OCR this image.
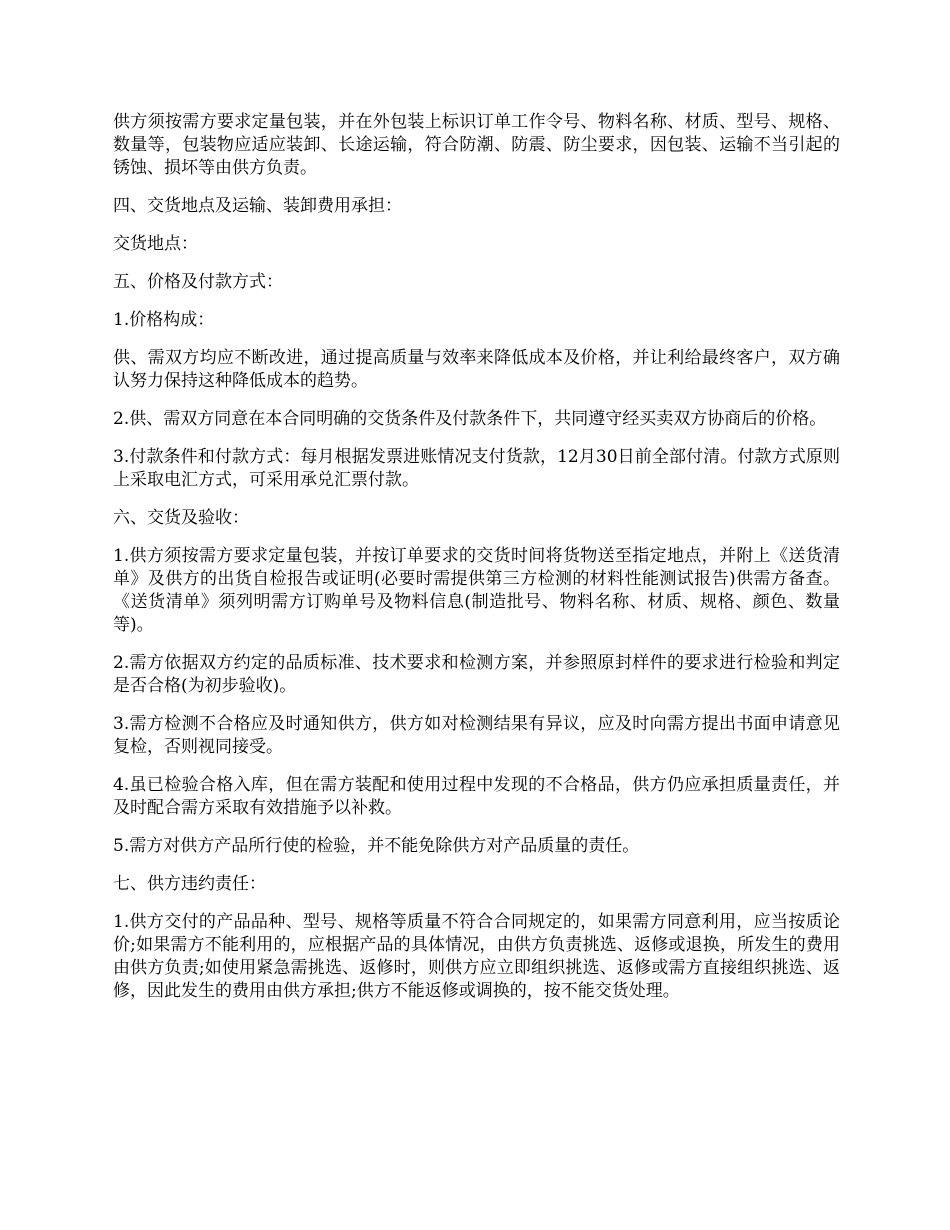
供方须按需方要求定量包装，并在外包装上标识订单工作令号、物料名称、材质、型号、规格、数量等，包装物应适应装卸、长途运输，符合防潮、防震、防尘要求，因包装、运输不当引起的锈蚀、损坏等由供方负责。

四、交货地点及运输、装卸费用承担：

交货地点：

五、价格及付款方式：

1.价格构成：

供、需双方均应不断改进，通过提高质量与效率来降低成本及价格，并让利给最终客户，双方确认努力保持这种降低成本的趋势。

2.供、需双方同意在本合同明确的交货条件及付款条件下，共同遵守经买卖双方协商后的价格。

3.付款条件和付款方式：每月根据发票进账情况支付货款，12月30日前全部付清。付款方式原则上采取电汇方式，可采用承兑汇票付款。

六、交货及验收：

1.供方须按需方要求定量包装，并按订单要求的交货时间将货物送至指定地点，并附上《送货清单》及供方的出货自检报告或证明(必要时需提供第三方检测的材料性能测试报告)供需方备查。《送货清单》须列明需方订购单号及物料信息(制造批号、物料名称、材质、规格、颜色、数量等)。

2.需方依据双方约定的品质标准、技术要求和检测方案，并参照原封样件的要求进行检验和判定是否合格(为初步验收)。

3.需方检测不合格应及时通知供方，供方如对检测结果有异议，应及时向需方提出书面申请意见复检，否则视同接受。

4.虽已检验合格入库，但在需方装配和使用过程中发现的不合格品，供方仍应承担质量责任，并及时配合需方采取有效措施予以补救。

5.需方对供方产品所行使的检验，并不能免除供方对产品质量的责任。

七、供方违约责任：

1.供方交付的产品品种、型号、规格等质量不符合合同规定的，如果需方同意利用，应当按质论价;如果需方不能利用的，应根据产品的具体情况，由供方负责挑选、返修或退换，所发生的费用由供方负责;如使用紧急需挑选、返修时，则供方应立即组织挑选、返修或需方直接组织挑选、返修，因此发生的费用由供方承担;供方不能返修或调换的，按不能交货处理。
